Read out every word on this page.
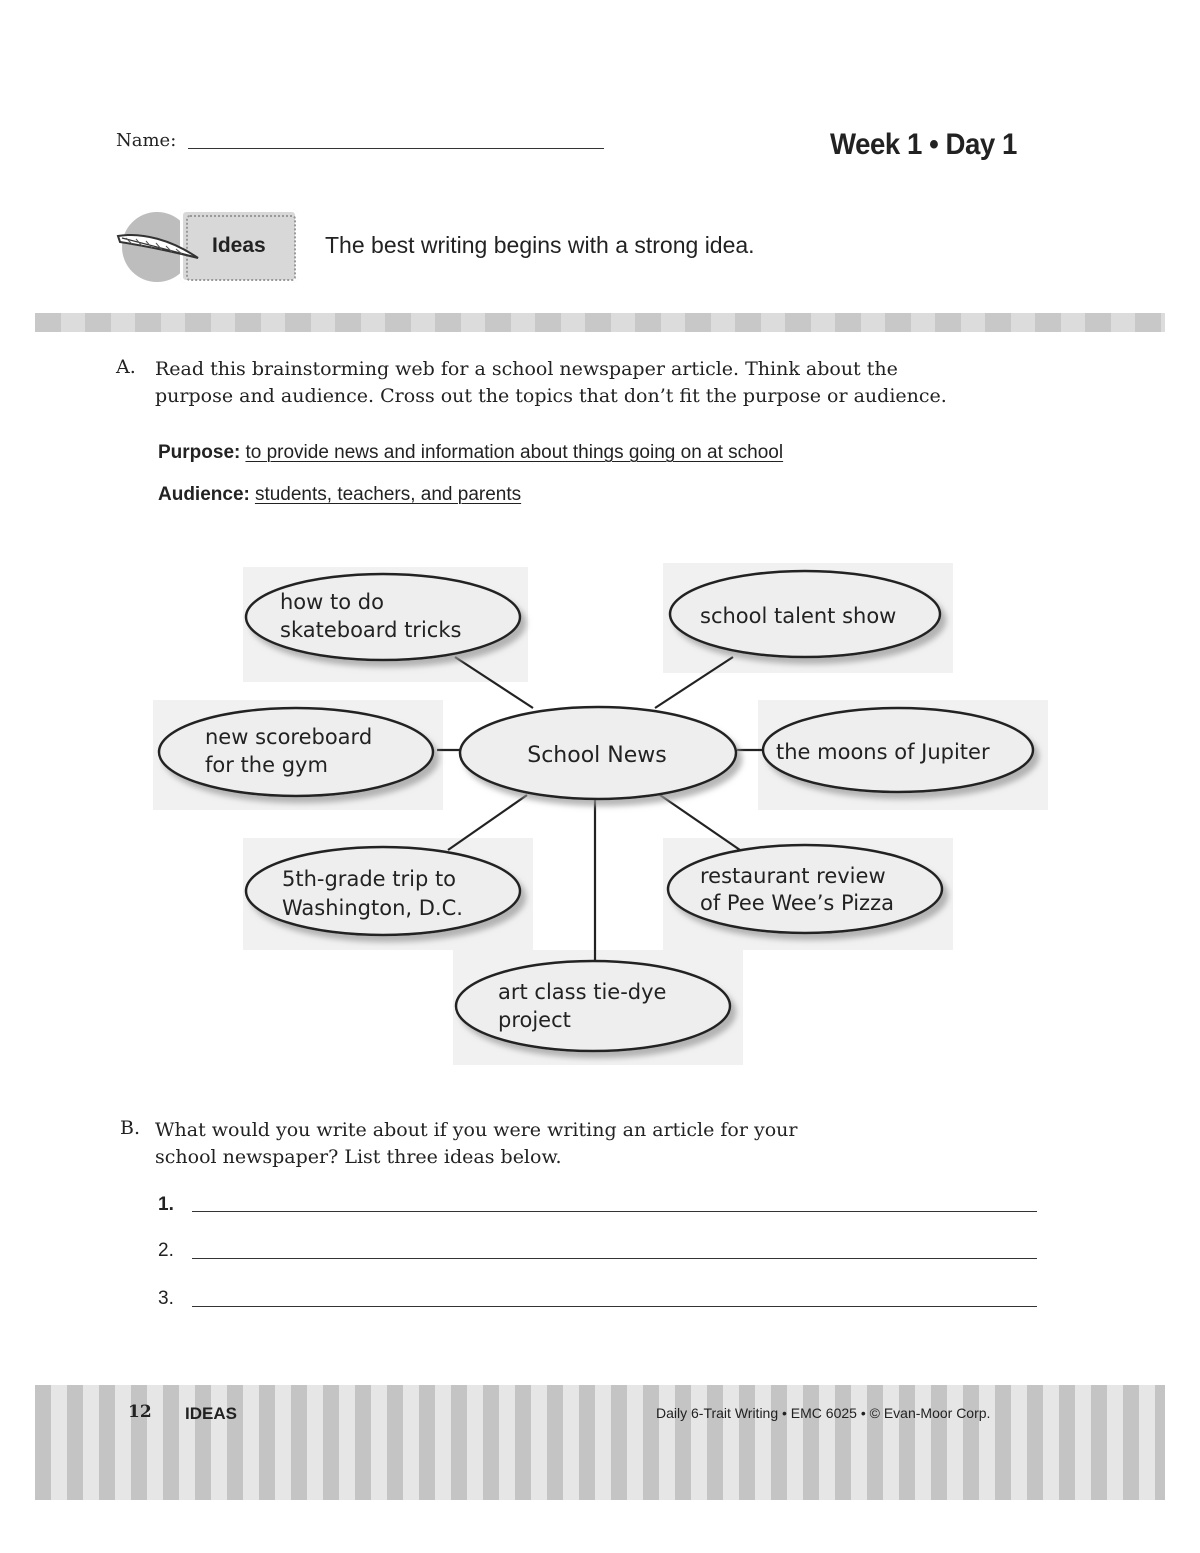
Name:	Week 1 • Day 1
Ideas	The best writing begins with a strong idea.
A. Read this brainstorming web for a school newspaper article. Think about the
purpose and audience. Cross out the topics that don’t fit the purpose or audience.
Purpose: to provide news and information about things going on at school
Audience: students, teachers, and parents
School News
how to do
skateboard tricks
school talent show
new scoreboard
for the gym
the moons of Jupiter
5th-grade trip to
Washington, D.C.
restaurant review
of Pee Wee’s Pizza
art class tie-dye
project
B. What would you write about if you were writing an article for your
school newspaper? List three ideas below.
1.
2.
3.
12 IDEAS	Daily 6-Trait Writing • EMC 6025 • © Evan-Moor Corp.
